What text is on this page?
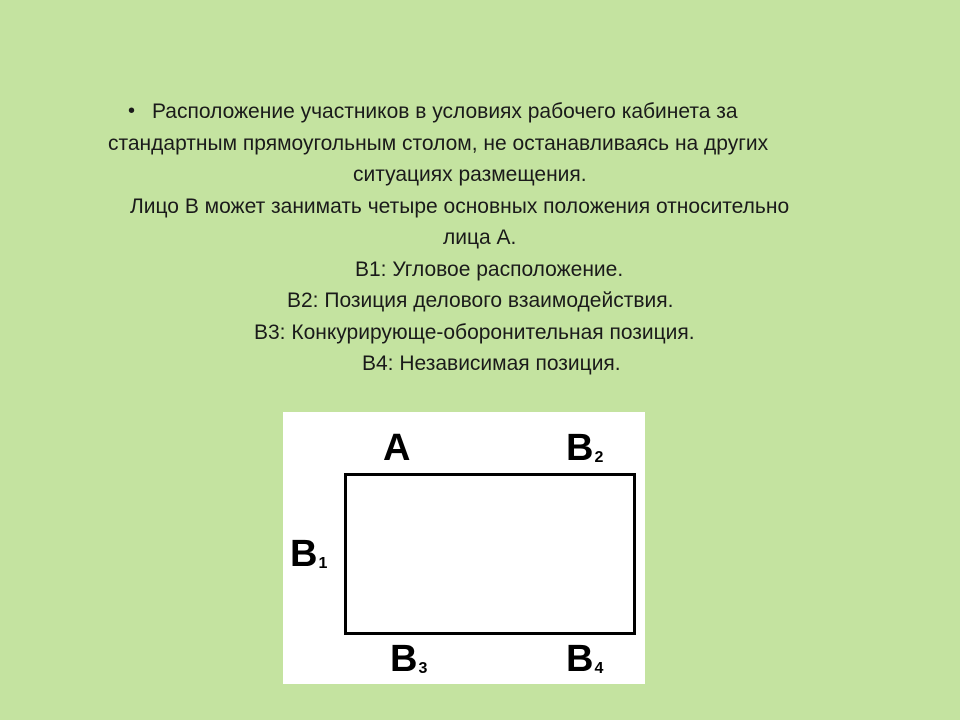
• Расположение участников в условиях рабочего кабинета за
стандартным прямоугольным столом, не останавливаясь на других
ситуациях размещения.
Лицо В может занимать четыре основных положения относительно
лица А.
В1: Угловое расположение.
В2: Позиция делового взаимодействия.
В3: Конкурирующе-оборонительная позиция.
В4: Независимая позиция.
А	$В_2$
$В_1$
$В_3$	$В_4$
